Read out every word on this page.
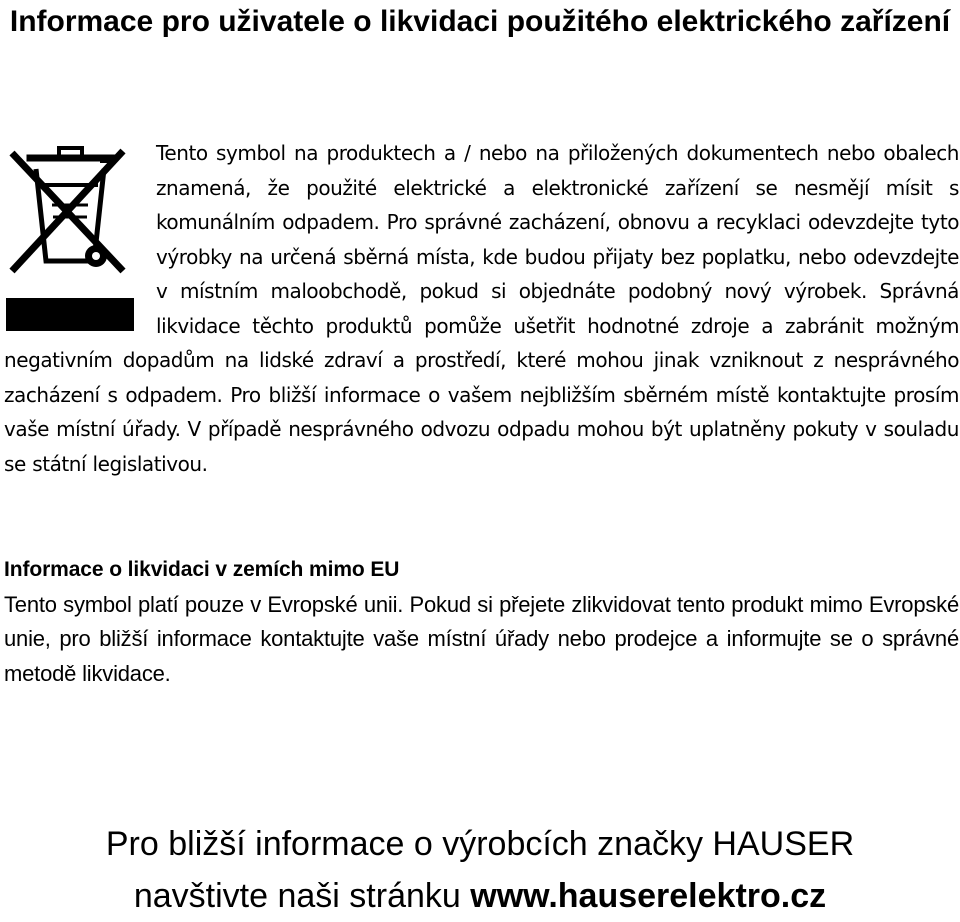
Informace pro uživatele o likvidaci použitého elektrického zařízení

Tento symbol na produktech a / nebo na přiložených dokumentech nebo obalech znamená, že použité elektrické a elektronické zařízení se nesmějí mísit s komunálním odpadem. Pro správné zacházení, obnovu a recyklaci odevzdejte tyto výrobky na určená sběrná místa, kde budou přijaty bez poplatku, nebo odevzdejte v místním maloobchodě, pokud si objednáte podobný nový výrobek. Správná likvidace těchto produktů pomůže ušetřit hodnotné zdroje a zabránit možným negativním dopadům na lidské zdraví a prostředí, které mohou jinak vzniknout z nesprávného zacházení s odpadem. Pro bližší informace o vašem nejbližším sběrném místě kontaktujte prosím vaše místní úřady. V případě nesprávného odvozu odpadu mohou být uplatněny pokuty v souladu se státní legislativou.

Informace o likvidaci v zemích mimo EU

Tento symbol platí pouze v Evropské unii. Pokud si přejete zlikvidovat tento produkt mimo Evropské unie, pro bližší informace kontaktujte vaše místní úřady nebo prodejce a informujte se o správné metodě likvidace.

Pro bližší informace o výrobcích značky HAUSER

navštivte naši stránku www.hauserelektro.cz
